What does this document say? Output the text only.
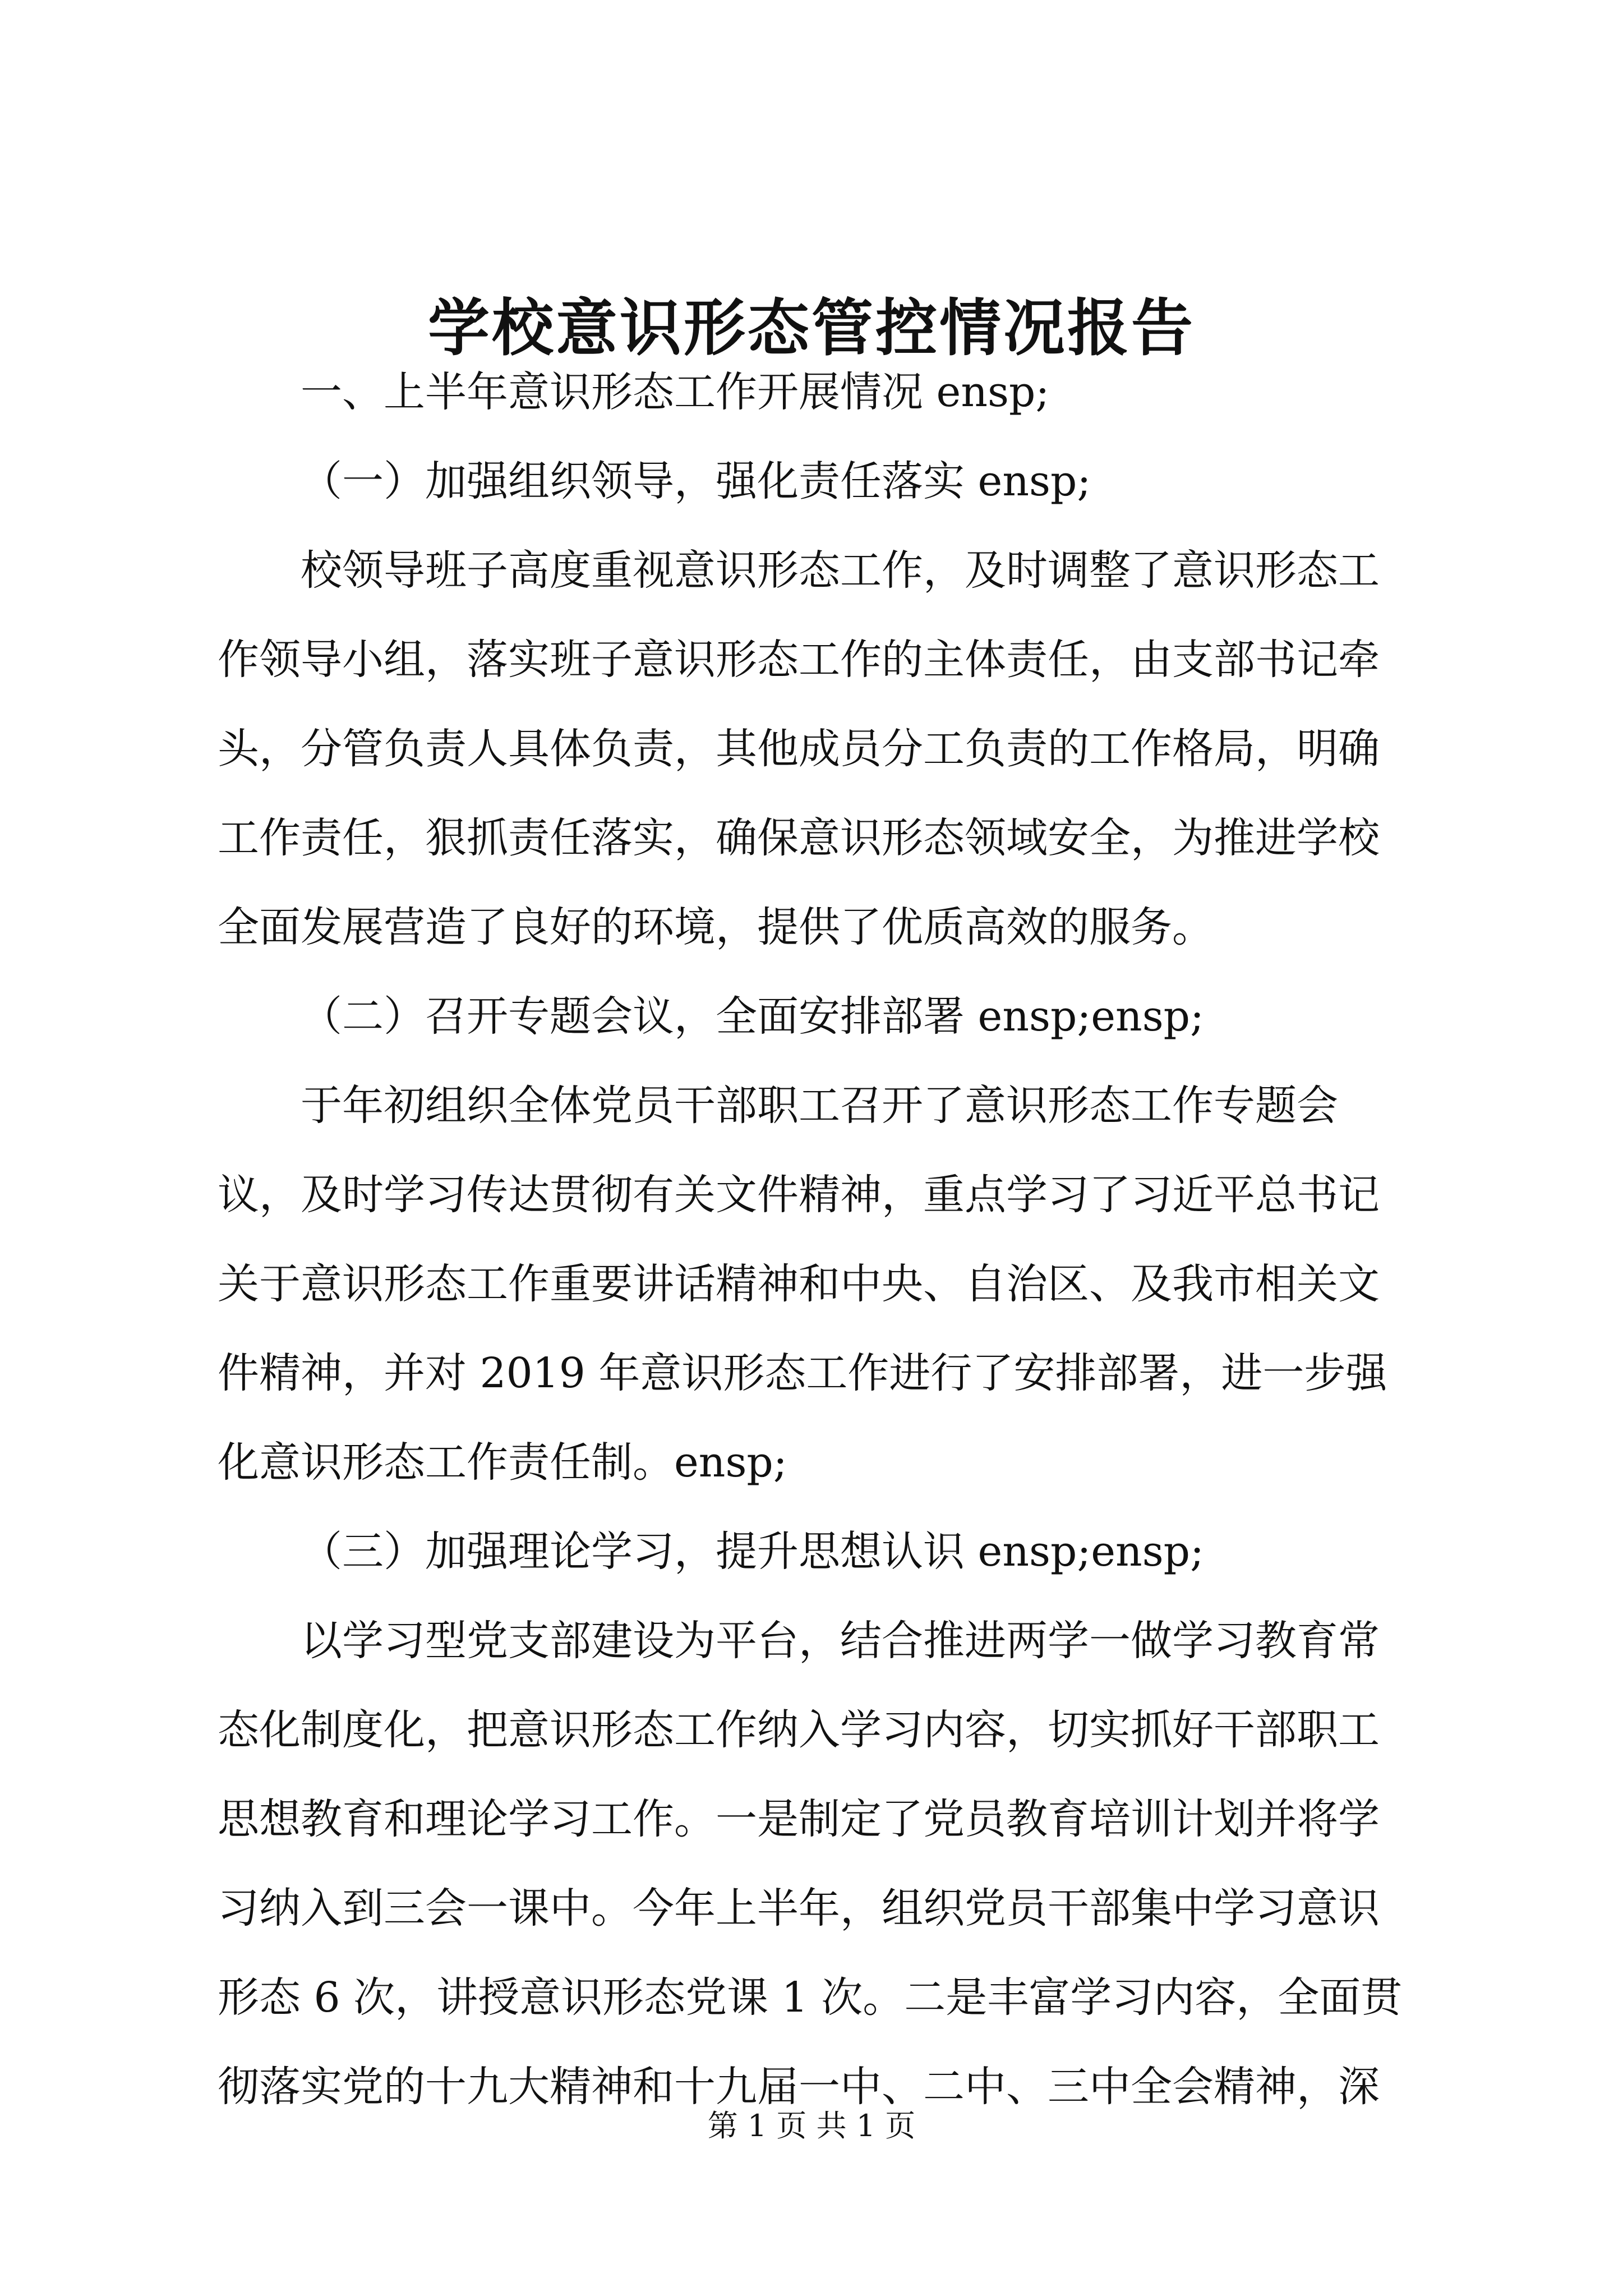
学校意识形态管控情况报告
一、上半年意识形态工作开展情况 ensp;
（一）加强组织领导，强化责任落实 ensp;
校领导班子高度重视意识形态工作，及时调整了意识形态工
作领导小组，落实班子意识形态工作的主体责任，由支部书记牵
头，分管负责人具体负责，其他成员分工负责的工作格局，明确
工作责任，狠抓责任落实，确保意识形态领域安全，为推进学校
全面发展营造了良好的环境，提供了优质高效的服务。
（二）召开专题会议，全面安排部署 ensp;ensp;
于年初组织全体党员干部职工召开了意识形态工作专题会
议，及时学习传达贯彻有关文件精神，重点学习了习近平总书记
关于意识形态工作重要讲话精神和中央、自治区、及我市相关文
件精神，并对 2019 年意识形态工作进行了安排部署，进一步强
化意识形态工作责任制。ensp;
（三）加强理论学习，提升思想认识 ensp;ensp;
以学习型党支部建设为平台，结合推进两学一做学习教育常
态化制度化，把意识形态工作纳入学习内容，切实抓好干部职工
思想教育和理论学习工作。一是制定了党员教育培训计划并将学
习纳入到三会一课中。今年上半年，组织党员干部集中学习意识
形态 6 次，讲授意识形态党课 1 次。二是丰富学习内容，全面贯
彻落实党的十九大精神和十九届一中、二中、三中全会精神，深
第 1 页 共 1 页
